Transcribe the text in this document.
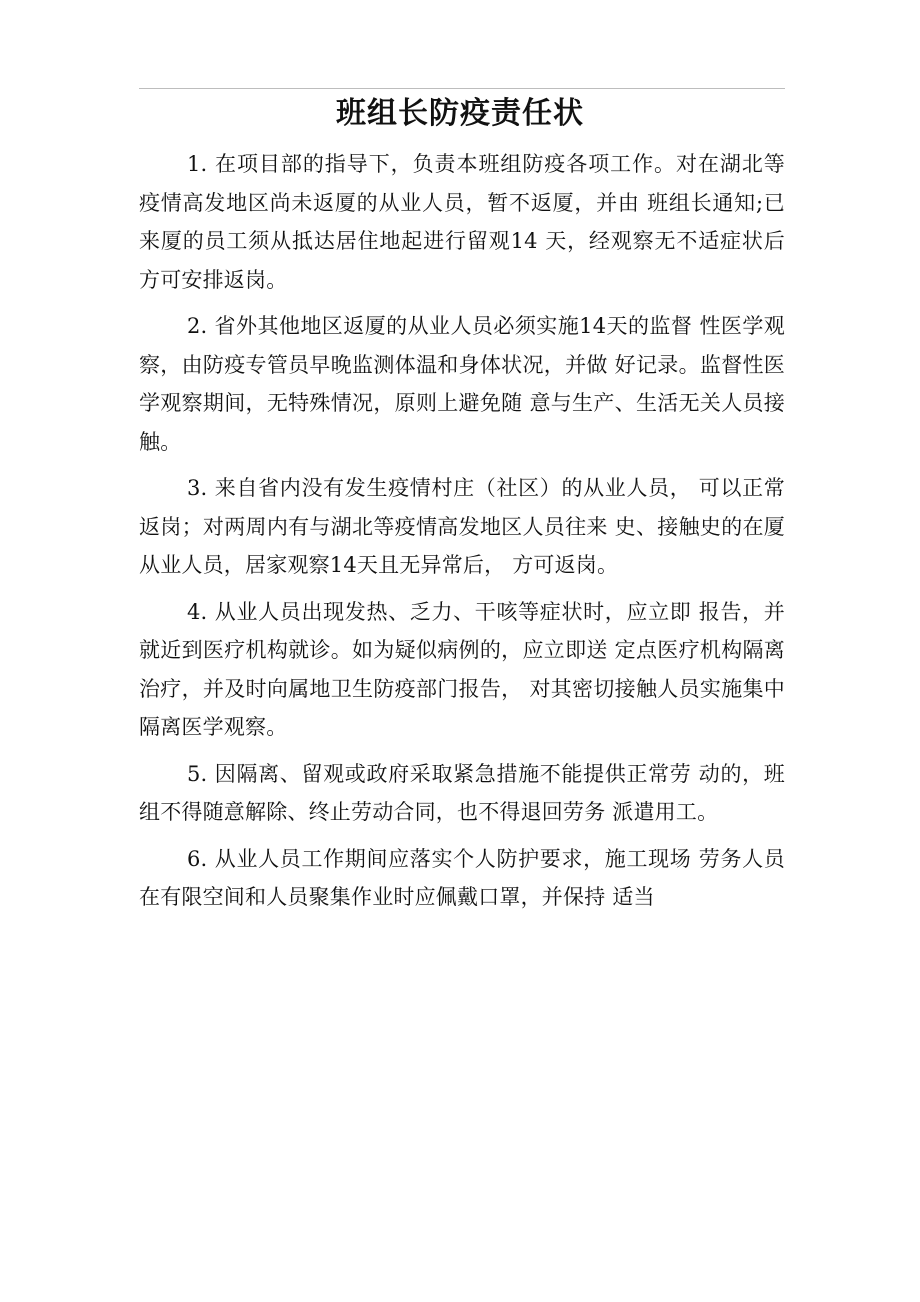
班组长防疫责任状

1. 在项目部的指导下，负责本班组防疫各项工作。对在湖北等疫情高发地区尚未返厦的从业人员，暂不返厦，并由 班组长通知;已来厦的员工须从抵达居住地起进行留观14 天，经观察无不适症状后方可安排返岗。

2. 省外其他地区返厦的从业人员必须实施14天的监督 性医学观察，由防疫专管员早晚监测体温和身体状况，并做 好记录。监督性医学观察期间，无特殊情况，原则上避免随 意与生产、生活无关人员接触。

3. 来自省内没有发生疫情村庄（社区）的从业人员， 可以正常返岗；对两周内有与湖北等疫情高发地区人员往来 史、接触史的在厦从业人员，居家观察14天且无异常后， 方可返岗。

4. 从业人员出现发热、乏力、干咳等症状时，应立即 报告，并就近到医疗机构就诊。如为疑似病例的，应立即送 定点医疗机构隔离治疗，并及时向属地卫生防疫部门报告， 对其密切接触人员实施集中隔离医学观察。

5. 因隔离、留观或政府采取紧急措施不能提供正常劳 动的，班组不得随意解除、终止劳动合同，也不得退回劳务 派遣用工。

6. 从业人员工作期间应落实个人防护要求，施工现场 劳务人员在有限空间和人员聚集作业时应佩戴口罩，并保持 适当
